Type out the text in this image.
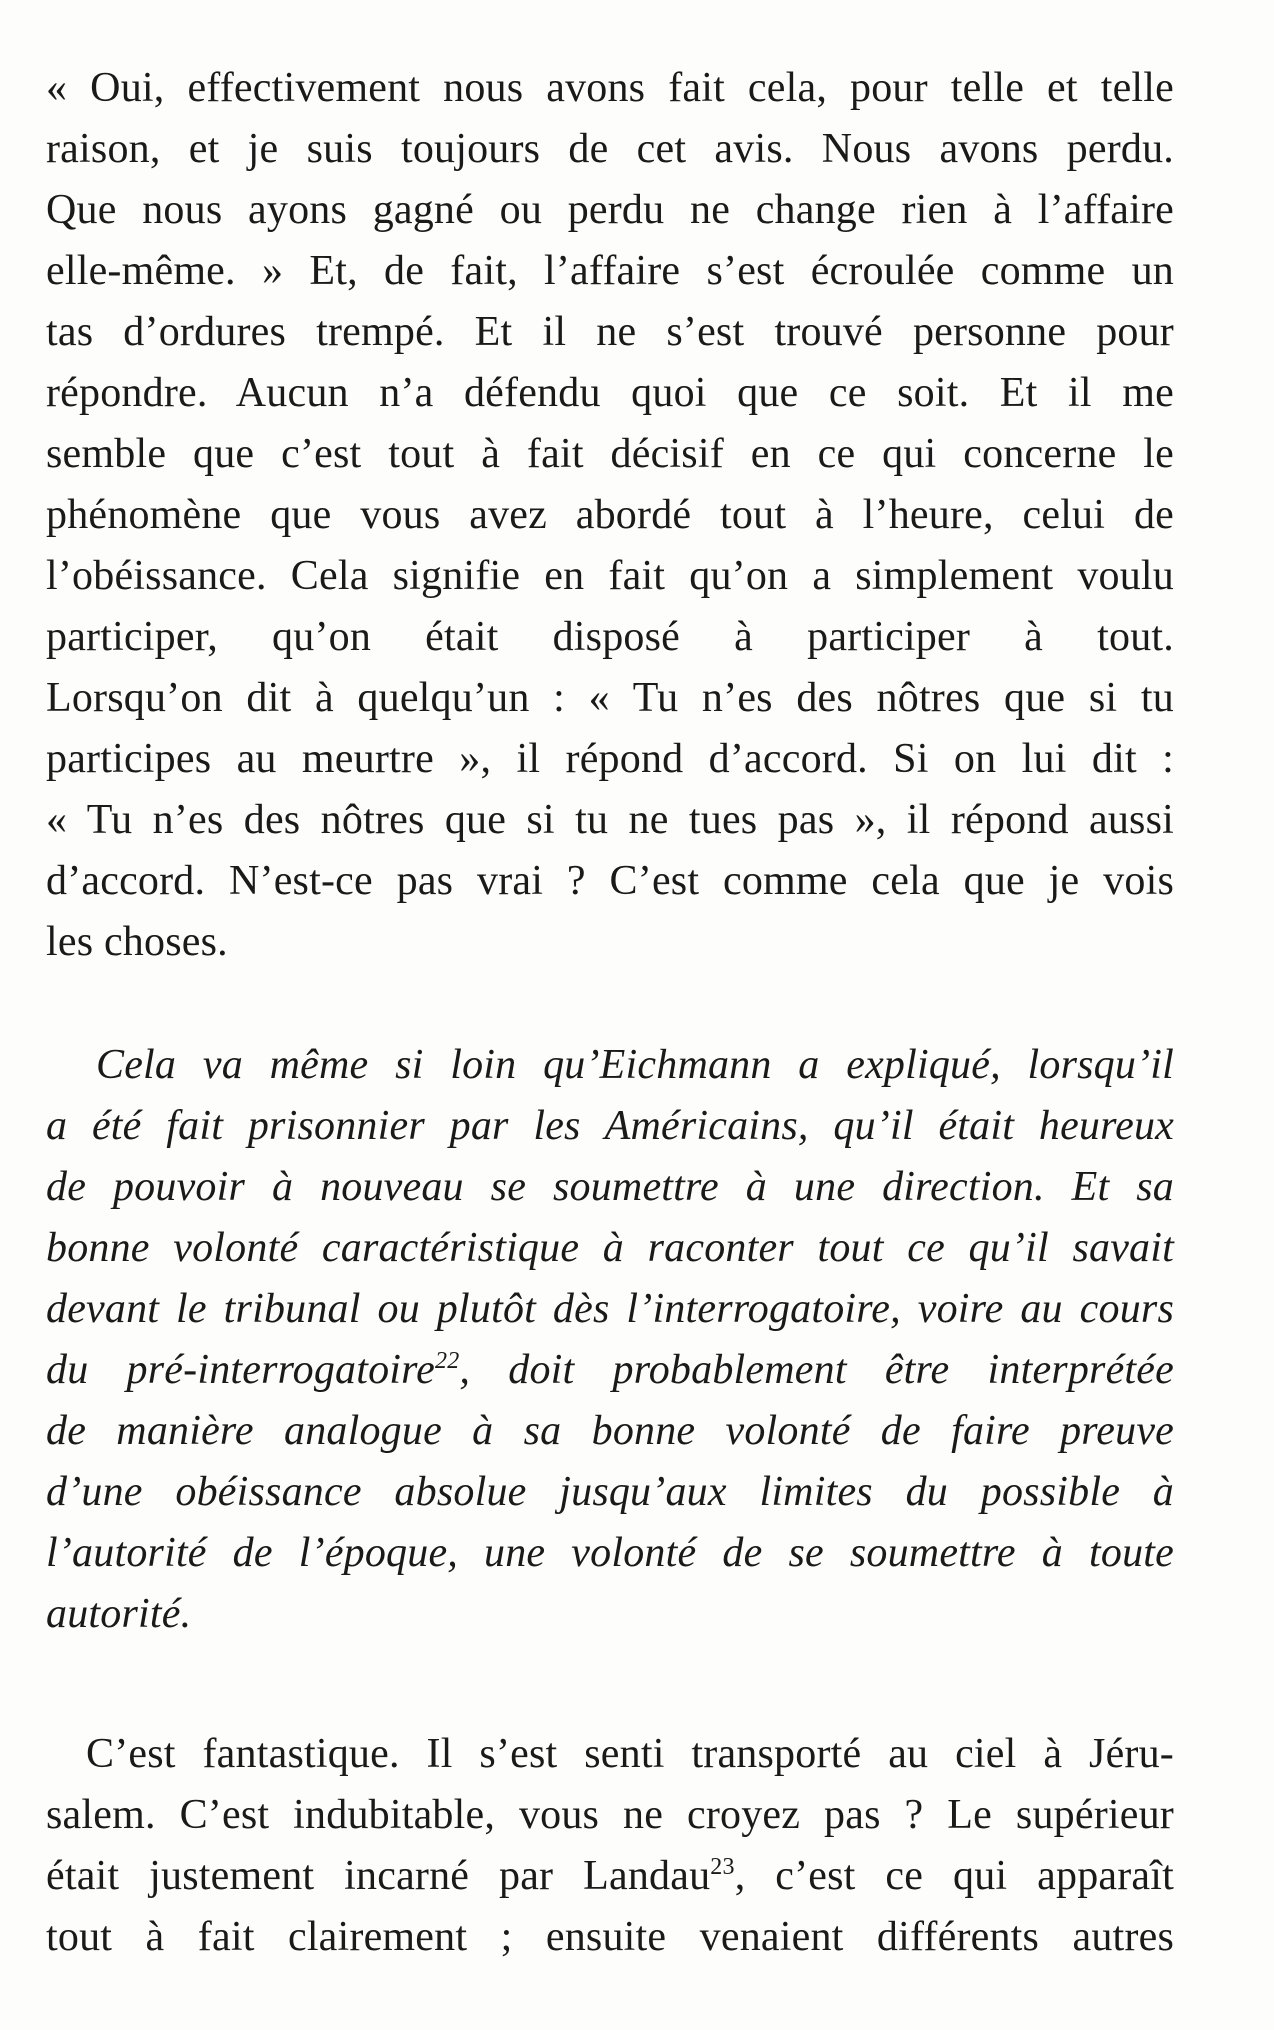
« Oui, effectivement nous avons fait cela, pour telle et telle
raison, et je suis toujours de cet avis. Nous avons perdu.
Que nous ayons gagné ou perdu ne change rien à l’affaire
elle-même. » Et, de fait, l’affaire s’est écroulée comme un
tas d’ordures trempé. Et il ne s’est trouvé personne pour
répondre. Aucun n’a défendu quoi que ce soit. Et il me
semble que c’est tout à fait décisif en ce qui concerne le
phénomène que vous avez abordé tout à l’heure, celui de
l’obéissance. Cela signifie en fait qu’on a simplement voulu
participer, qu’on était disposé à participer à tout.
Lorsqu’on dit à quelqu’un : « Tu n’es des nôtres que si tu
participes au meurtre », il répond d’accord. Si on lui dit :
« Tu n’es des nôtres que si tu ne tues pas », il répond aussi
d’accord. N’est-ce pas vrai ? C’est comme cela que je vois
les choses.
Cela va même si loin qu’Eichmann a expliqué, lorsqu’il
a été fait prisonnier par les Américains, qu’il était heureux
de pouvoir à nouveau se soumettre à une direction. Et sa
bonne volonté caractéristique à raconter tout ce qu’il savait
devant le tribunal ou plutôt dès l’interrogatoire, voire au cours
du pré-interrogatoire$^{22}$, doit probablement être interprétée
de manière analogue à sa bonne volonté de faire preuve
d’une obéissance absolue jusqu’aux limites du possible à
l’autorité de l’époque, une volonté de se soumettre à toute
autorité.
C’est fantastique. Il s’est senti transporté au ciel à Jéru-
salem. C’est indubitable, vous ne croyez pas ? Le supérieur
était justement incarné par Landau$^{23}$, c’est ce qui apparaît
tout à fait clairement ; ensuite venaient différents autres
